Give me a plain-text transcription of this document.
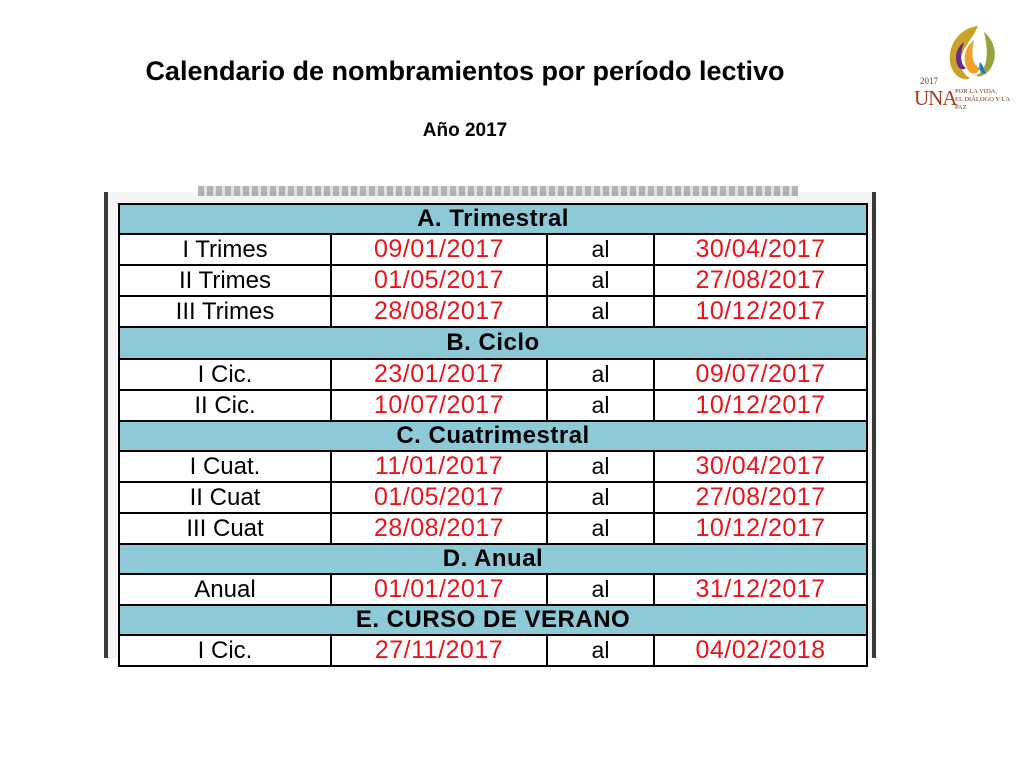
Calendario de nombramientos por período lectivo
Año 2017
2017
UNA
POR LA VIDA,
EL DIÁLOGO Y LA PAZ
A. Trimestral			
I Trimes	09/01/2017	al	30/04/2017
II Trimes	01/05/2017	al	27/08/2017
III Trimes	28/08/2017	al	10/12/2017
B. Ciclo			
I Cic.	23/01/2017	al	09/07/2017
II Cic.	10/07/2017	al	10/12/2017
C. Cuatrimestral			
I Cuat.	11/01/2017	al	30/04/2017
II Cuat	01/05/2017	al	27/08/2017
III Cuat	28/08/2017	al	10/12/2017
D. Anual			
Anual	01/01/2017	al	31/12/2017
E. CURSO DE VERANO			
I Cic.	27/11/2017	al	04/02/2018
